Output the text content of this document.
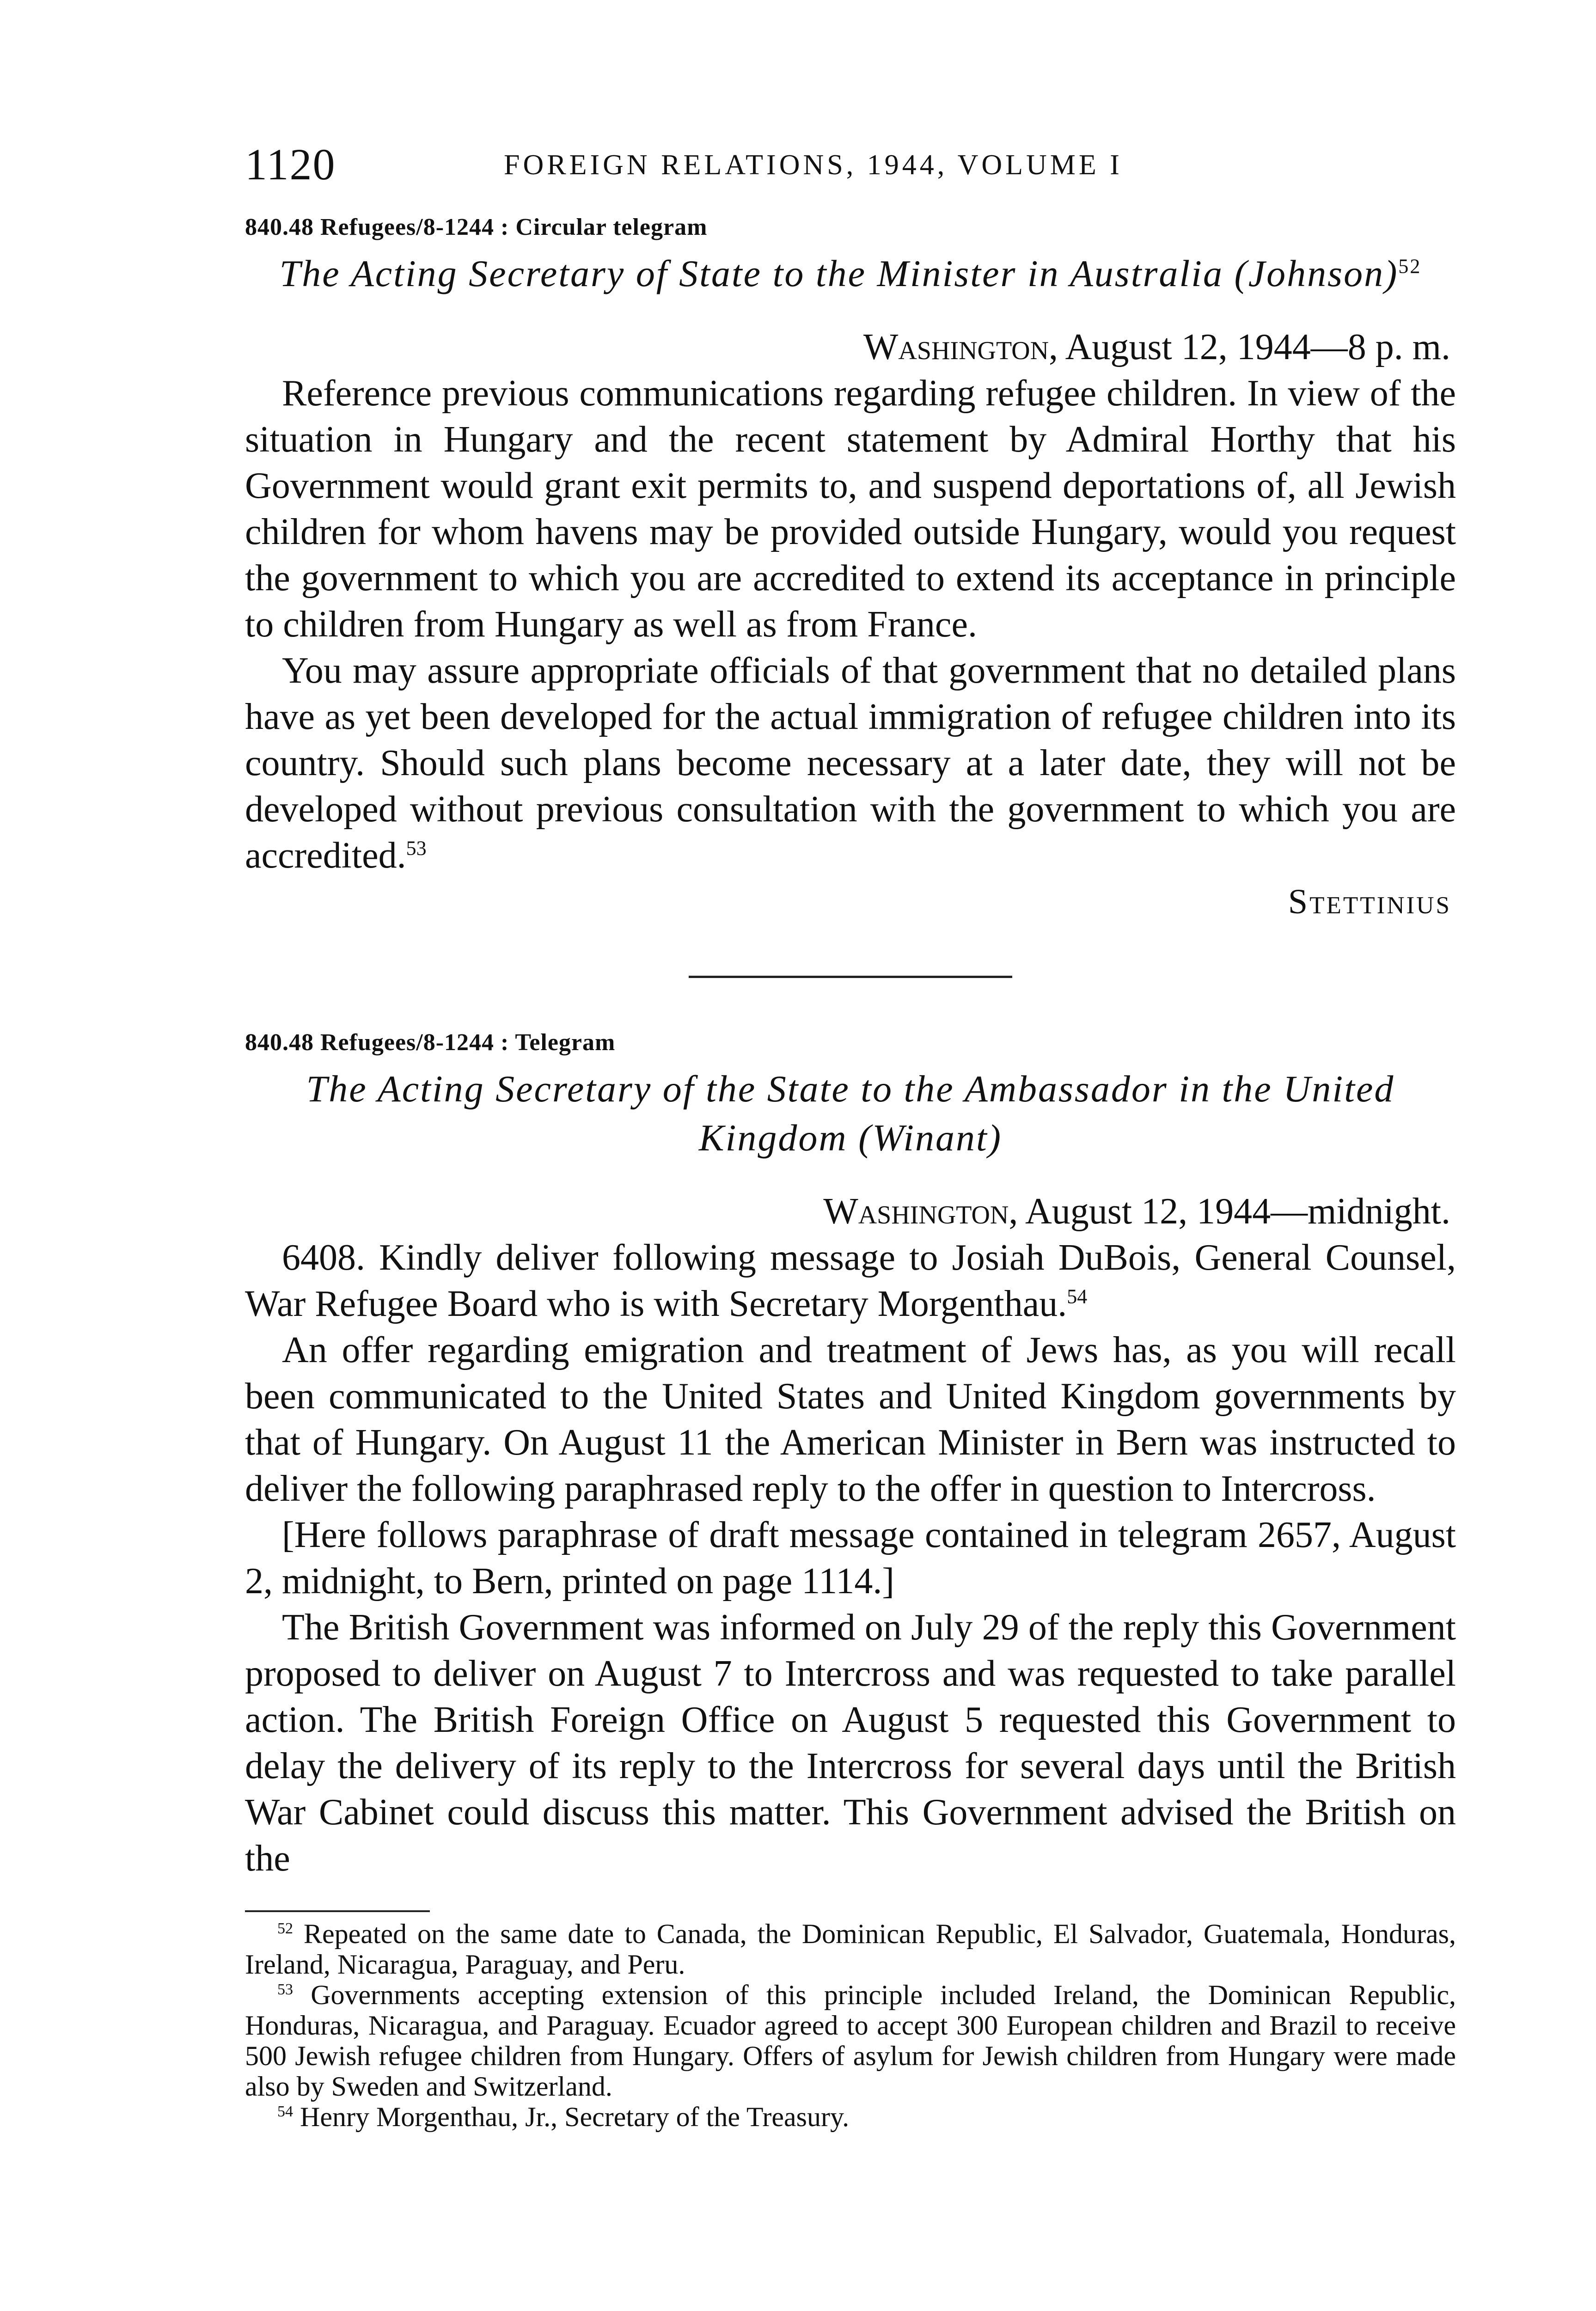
1120	FOREIGN RELATIONS, 1944, VOLUME I
840.48 Refugees/8-1244 : Circular telegram
The Acting Secretary of State to the Minister in Australia (Johnson)$^{52}$
Washington, August 12, 1944—8 p. m.

Reference previous communications regarding refugee children. In view of the situation in Hungary and the recent statement by Admiral Horthy that his Government would grant exit permits to, and suspend deportations of, all Jewish children for whom havens may be provided outside Hungary, would you request the government to which you are accredited to extend its acceptance in principle to children from Hungary as well as from France.

You may assure appropriate officials of that government that no detailed plans have as yet been developed for the actual immigration of refugee children into its country. Should such plans become necessary at a later date, they will not be developed without previous consultation with the government to which you are accredited.$^{53}$

Stettinius
840.48 Refugees/8-1244 : Telegram
The Acting Secretary of the State to the Ambassador in the United Kingdom (Winant)
Washington, August 12, 1944—midnight.

6408. Kindly deliver following message to Josiah DuBois, General Counsel, War Refugee Board who is with Secretary Morgenthau.$^{54}$

An offer regarding emigration and treatment of Jews has, as you will recall been communicated to the United States and United Kingdom governments by that of Hungary. On August 11 the American Minister in Bern was instructed to deliver the following paraphrased reply to the offer in question to Intercross.

[Here follows paraphrase of draft message contained in telegram 2657, August 2, midnight, to Bern, printed on page 1114.]

The British Government was informed on July 29 of the reply this Government proposed to deliver on August 7 to Intercross and was requested to take parallel action. The British Foreign Office on August 5 requested this Government to delay the delivery of its reply to the Intercross for several days until the British War Cabinet could discuss this matter. This Government advised the British on the

$^{52}$ Repeated on the same date to Canada, the Dominican Republic, El Salvador, Guatemala, Honduras, Ireland, Nicaragua, Paraguay, and Peru.

$^{53}$ Governments accepting extension of this principle included Ireland, the Dominican Republic, Honduras, Nicaragua, and Paraguay. Ecuador agreed to accept 300 European children and Brazil to receive 500 Jewish refugee children from Hungary. Offers of asylum for Jewish children from Hungary were made also by Sweden and Switzerland.

$^{54}$ Henry Morgenthau, Jr., Secretary of the Treasury.
